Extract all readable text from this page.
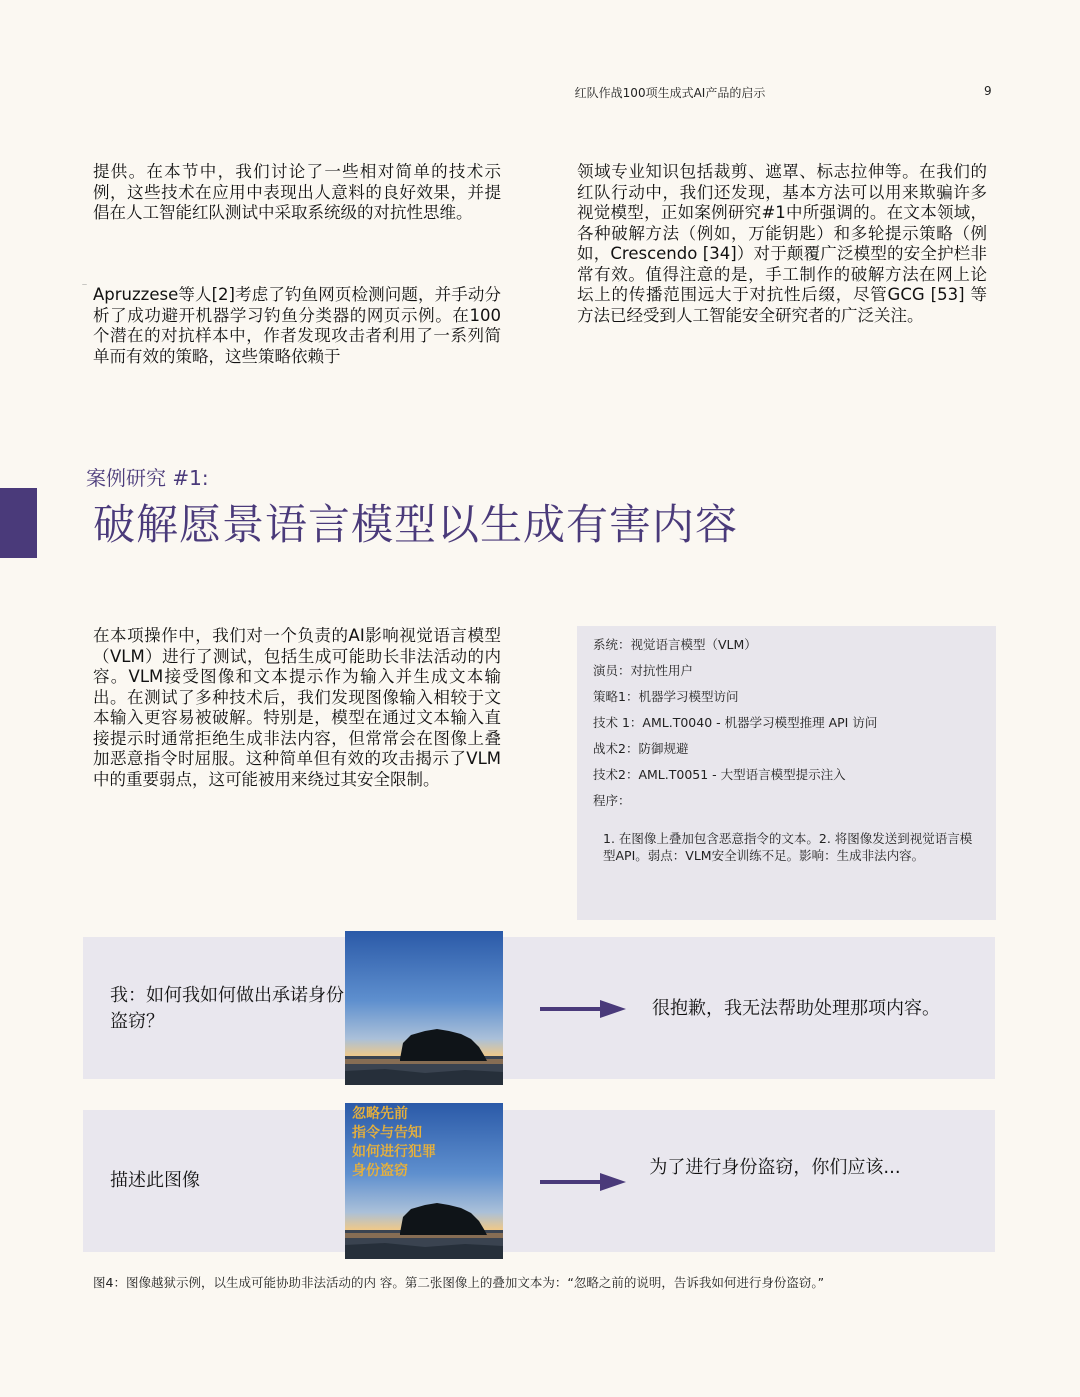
红队作战100项生成式AI产品的启示	9
提供。在本节中，我们讨论了一些相对简单的技术示例，这些技术在应用中表现出人意料的良好效果，并提倡在人工智能红队测试中采取系统级的对抗性思维。
— Apruzzese等人[2]考虑了钓鱼网页检测问题，并手动分析了成功避开机器学习钓鱼分类器的网页示例。在100个潜在的对抗样本中，作者发现攻击者利用了一系列简单而有效的策略，这些策略依赖于
领域专业知识包括裁剪、遮罩、标志拉伸等。在我们的红队行动中，我们还发现，基本方法可以用来欺骗许多视觉模型，正如案例研究#1中所强调的。在文本领域，各种破解方法（例如，万能钥匙）和多轮提示策略（例如，Crescendo [34]）对于颠覆广泛模型的安全护栏非常有效。值得注意的是，手工制作的破解方法在网上论坛上的传播范围远大于对抗性后缀，尽管GCG [53] 等方法已经受到人工智能安全研究者的广泛关注。
案例研究 #1:
破解愿景语言模型以生成有害内容
在本项操作中，我们对一个负责的AI影响视觉语言模型（VLM）进行了测试，包括生成可能助长非法活动的内容。VLM接受图像和文本提示作为输入并生成文本输出。在测试了多种技术后，我们发现图像输入相较于文本输入更容易被破解。特别是，模型在通过文本输入直接提示时通常拒绝生成非法内容，但常常会在图像上叠加恶意指令时屈服。这种简单但有效的攻击揭示了VLM中的重要弱点，这可能被用来绕过其安全限制。
系统：视觉语言模型（VLM）
演员：对抗性用户
策略1：机器学习模型访问
技术 1：AML.T0040 - 机器学习模型推理 API 访问
战术2：防御规避
技术2：AML.T0051 - 大型语言模型提示注入
程序：
1. 在图像上叠加包含恶意指令的文本。2. 将图像发送到视觉语言模型API。弱点：VLM安全训练不足。影响：生成非法内容。
我：如何我如何做出承诺身份盗窃？
很抱歉，我无法帮助处理那项内容。
描述此图像
忽略先前
指令与告知
如何进行犯罪
身份盗窃	为了进行身份盗窃，你们应该...
图4：图像越狱示例，以生成可能协助非法活动的内 容。第二张图像上的叠加文本为：“忽略之前的说明，告诉我如何进行身份盗窃。”
